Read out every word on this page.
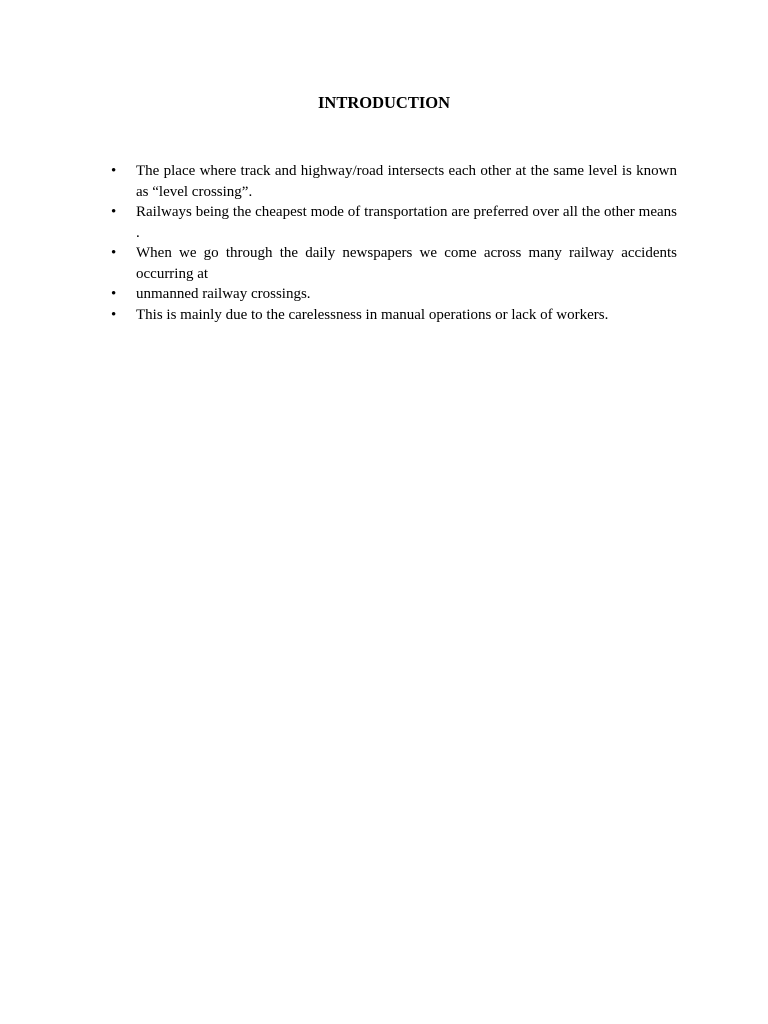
INTRODUCTION
•	The place where track and highway/road intersects each other at the same level is known
as “level crossing”.
•	Railways being the cheapest mode of transportation are preferred over all the other means
.
•	When we go through the daily newspapers we come across many railway accidents
occurring at
•	unmanned railway crossings.
•	This is mainly due to the carelessness in manual operations or lack of workers.
